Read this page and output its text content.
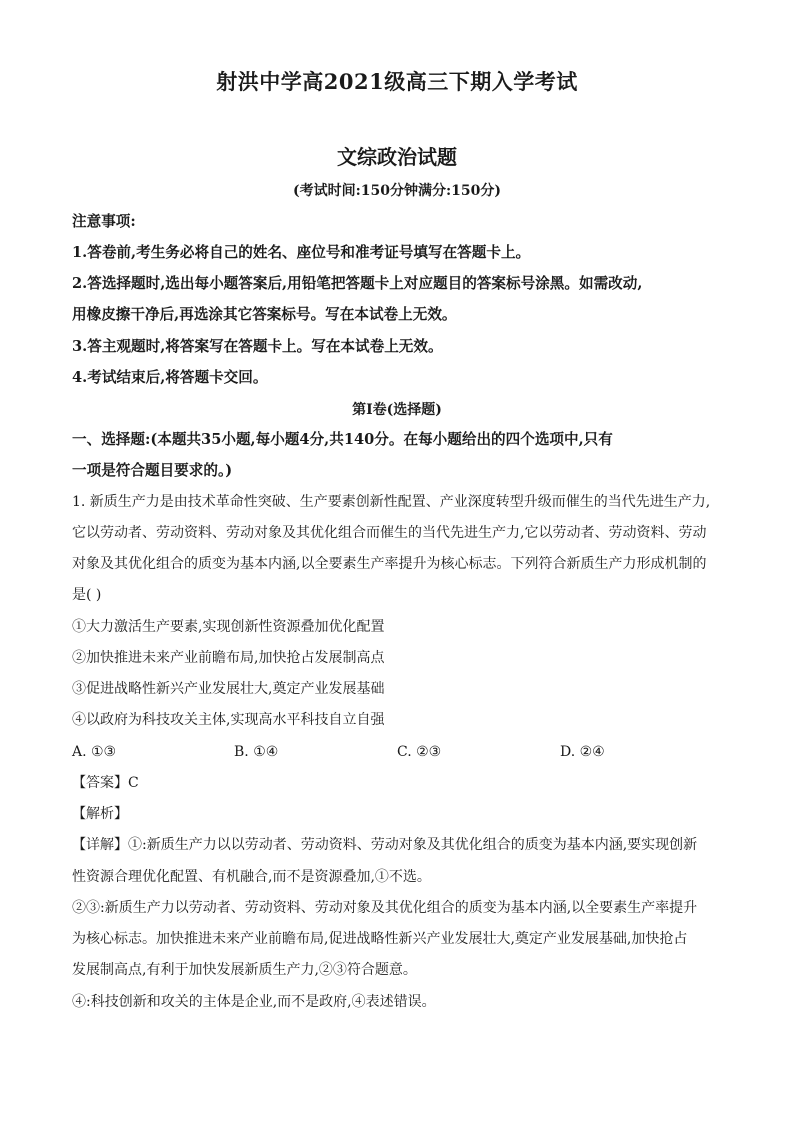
射洪中学高2021级高三下期入学考试
文综政治试题
(考试时间:150分钟满分:150分)
注意事项:
1.答卷前,考生务必将自己的姓名、座位号和准考证号填写在答题卡上。
2.答选择题时,选出每小题答案后,用铅笔把答题卡上对应题目的答案标号涂黑。如需改动,
用橡皮擦干净后,再选涂其它答案标号。写在本试卷上无效。
3.答主观题时,将答案写在答题卡上。写在本试卷上无效。
4.考试结束后,将答题卡交回。
第Ⅰ卷(选择题)
一、选择题:(本题共35小题,每小题4分,共140分。在每小题给出的四个选项中,只有
一项是符合题目要求的。)
1. 新质生产力是由技术革命性突破、生产要素创新性配置、产业深度转型升级而催生的当代先进生产力,
它以劳动者、劳动资料、劳动对象及其优化组合而催生的当代先进生产力,它以劳动者、劳动资料、劳动
对象及其优化组合的质变为基本内涵,以全要素生产率提升为核心标志。下列符合新质生产力形成机制的
是( )
①大力激活生产要素,实现创新性资源叠加优化配置
②加快推进未来产业前瞻布局,加快抢占发展制高点
③促进战略性新兴产业发展壮大,奠定产业发展基础
④以政府为科技攻关主体,实现高水平科技自立自强
A. ①③	B. ①④	C. ②③	D. ②④
【答案】C
【解析】
【详解】①:新质生产力以以劳动者、劳动资料、劳动对象及其优化组合的质变为基本内涵,要实现创新
性资源合理优化配置、有机融合,而不是资源叠加,①不选。
②③:新质生产力以劳动者、劳动资料、劳动对象及其优化组合的质变为基本内涵,以全要素生产率提升
为核心标志。加快推进未来产业前瞻布局,促进战略性新兴产业发展壮大,奠定产业发展基础,加快抢占
发展制高点,有利于加快发展新质生产力,②③符合题意。
④:科技创新和攻关的主体是企业,而不是政府,④表述错误。
